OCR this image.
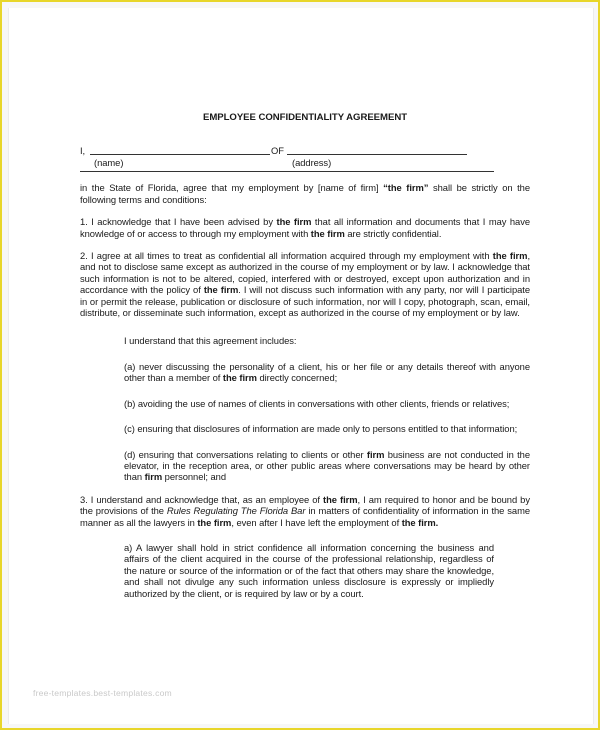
EMPLOYEE CONFIDENTIALITY AGREEMENT
I,	OF
(name)	(address)

in the State of Florida, agree that my employment by [name of firm] “the firm” shall be strictly on the following terms and conditions:

1. I acknowledge that I have been advised by the firm that all information and documents that I may have knowledge of or access to through my employment with the firm are strictly confidential.

2. I agree at all times to treat as confidential all information acquired through my employment with the firm, and not to disclose same except as authorized in the course of my employment or by law. I acknowledge that such information is not to be altered, copied, interfered with or destroyed, except upon authorization and in accordance with the policy of the firm. I will not discuss such information with any party, nor will I participate in or permit the release, publication or disclosure of such information, nor will I copy, photograph, scan, email, distribute, or disseminate such information, except as authorized in the course of my employment or by law.

I understand that this agreement includes:

(a) never discussing the personality of a client, his or her file or any details thereof with anyone other than a member of the firm directly concerned;

(b) avoiding the use of names of clients in conversations with other clients, friends or relatives;

(c) ensuring that disclosures of information are made only to persons entitled to that information;

(d) ensuring that conversations relating to clients or other firm business are not conducted in the elevator, in the reception area, or other public areas where conversations may be heard by other than firm personnel; and

3. I understand and acknowledge that, as an employee of the firm, I am required to honor and be bound by the provisions of the Rules Regulating The Florida Bar in matters of confidentiality of information in the same manner as all the lawyers in the firm, even after I have left the employment of the firm.

a) A lawyer shall hold in strict confidence all information concerning the business and affairs of the client acquired in the course of the professional relationship, regardless of the nature or source of the information or of the fact that others may share the knowledge, and shall not divulge any such information unless disclosure is expressly or impliedly authorized by the client, or is required by law or by a court.

free-templates.best-templates.com
